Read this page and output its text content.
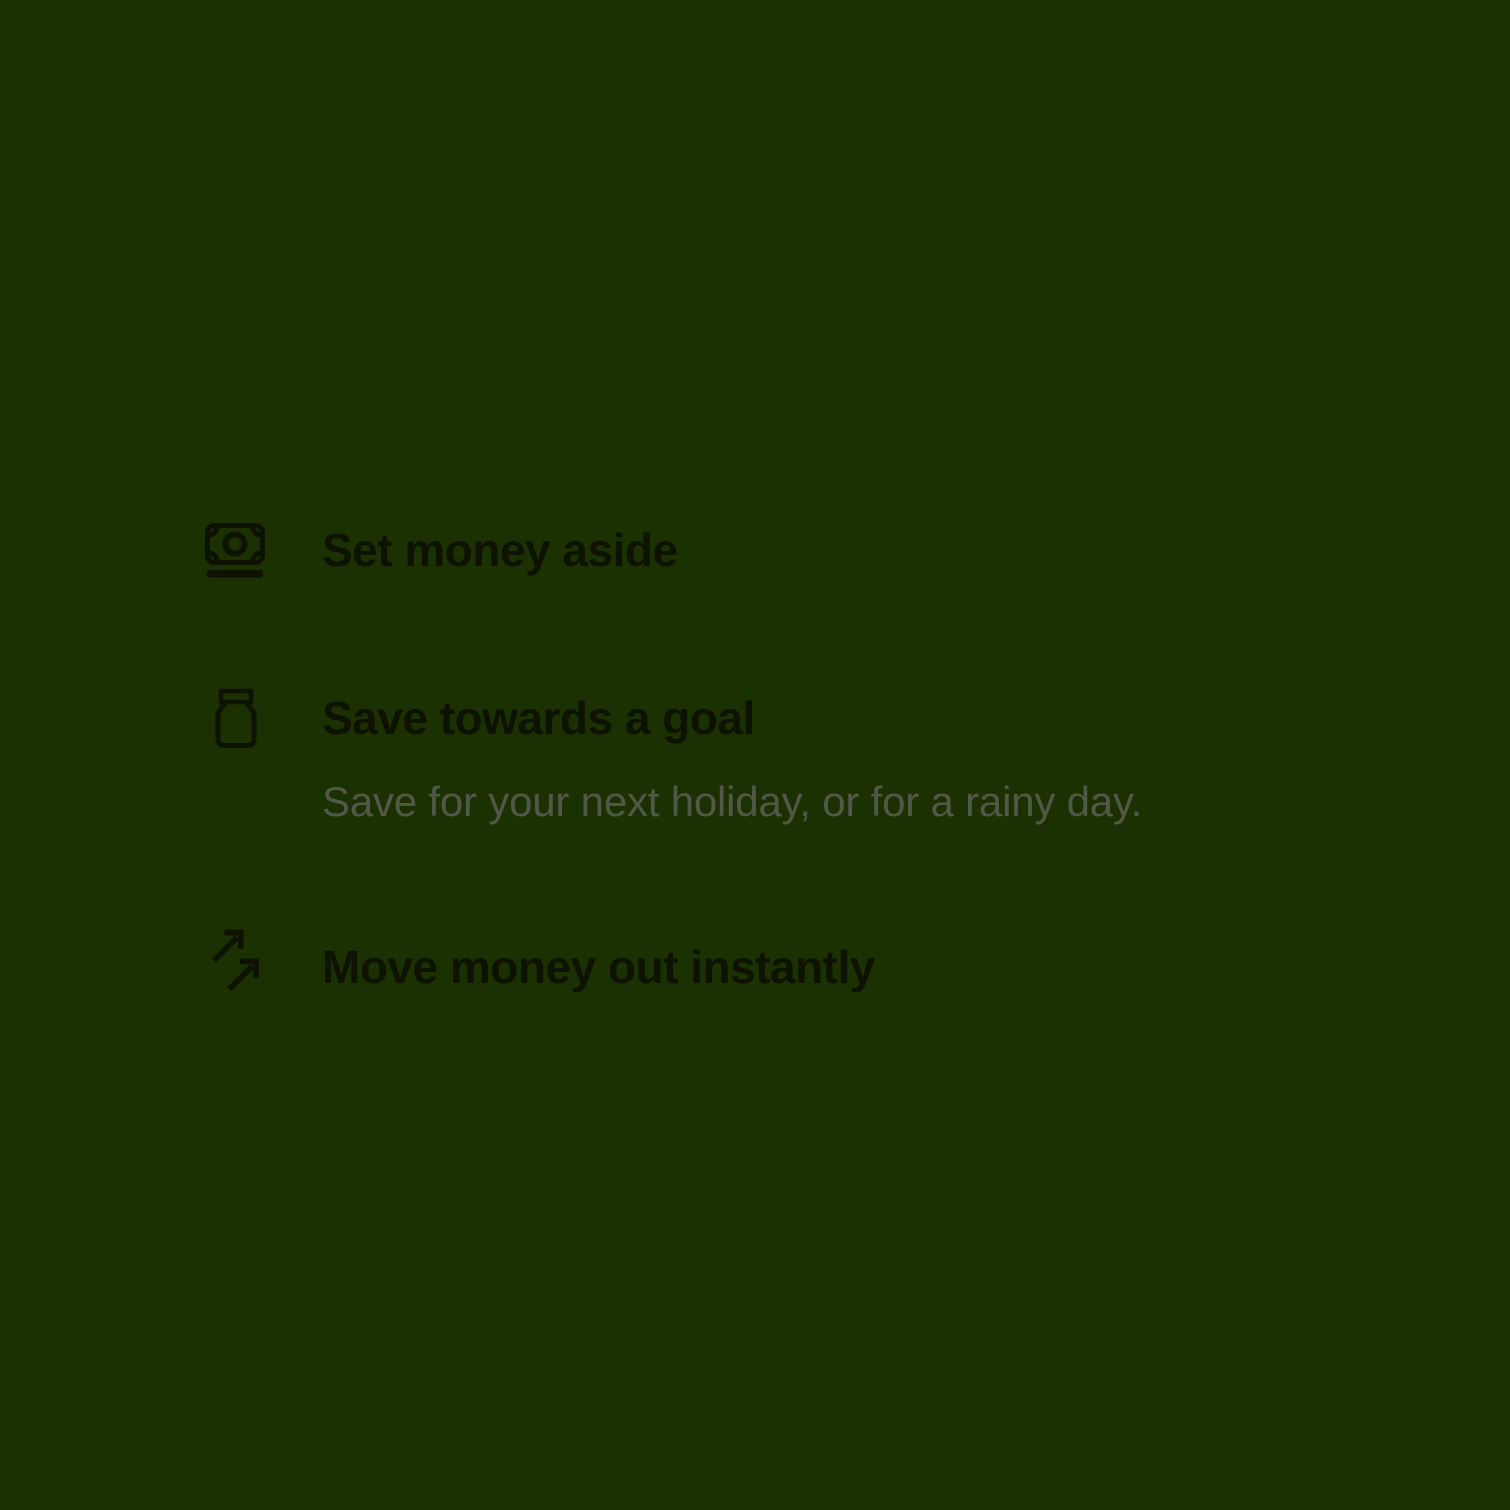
Set money aside
Save towards a goal
Save for your next holiday, or for a rainy day.
Move money out instantly
